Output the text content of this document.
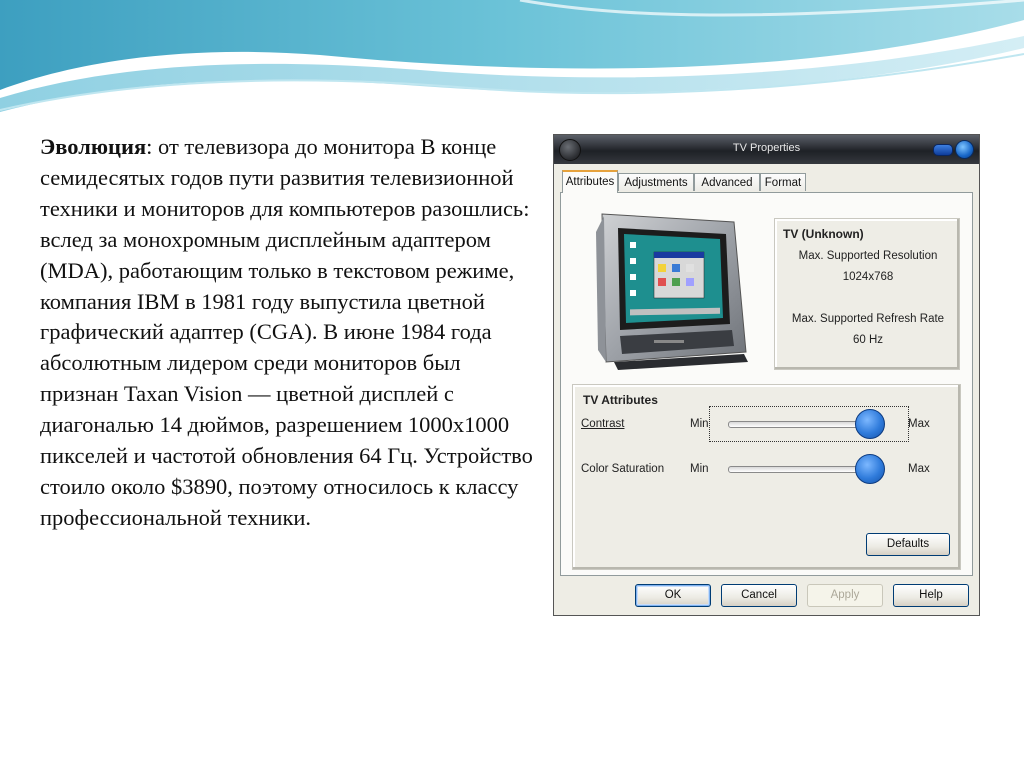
Эволюция: от телевизора до монитора В конце семидесятых годов пути развития телевизионной техники и мониторов для компьютеров разошлись: вслед за монохромным дисплейным адаптером (MDA), работающим только в текстовом режиме, компания IBM в 1981 году выпустила цветной графический адаптер (CGA). В июне 1984 года абсолютным лидером среди мониторов был признан Taxan Vision — цветной дисплей с диагональю 14 дюймов, разрешением 1000х1000 пикселей и частотой обновления 64 Гц. Устройство стоило около $3890, поэтому относилось к классу профессиональной техники.
TV Properties
Attributes Adjustments	Advanced	Format
TV (Unknown)
Max. Supported Resolution
1024x768
Max. Supported Refresh Rate
60 Hz
TV Attributes
Contrast	Min	Max
Color Saturation Min	Max
Defaults
OK	Cancel	Apply	Help
